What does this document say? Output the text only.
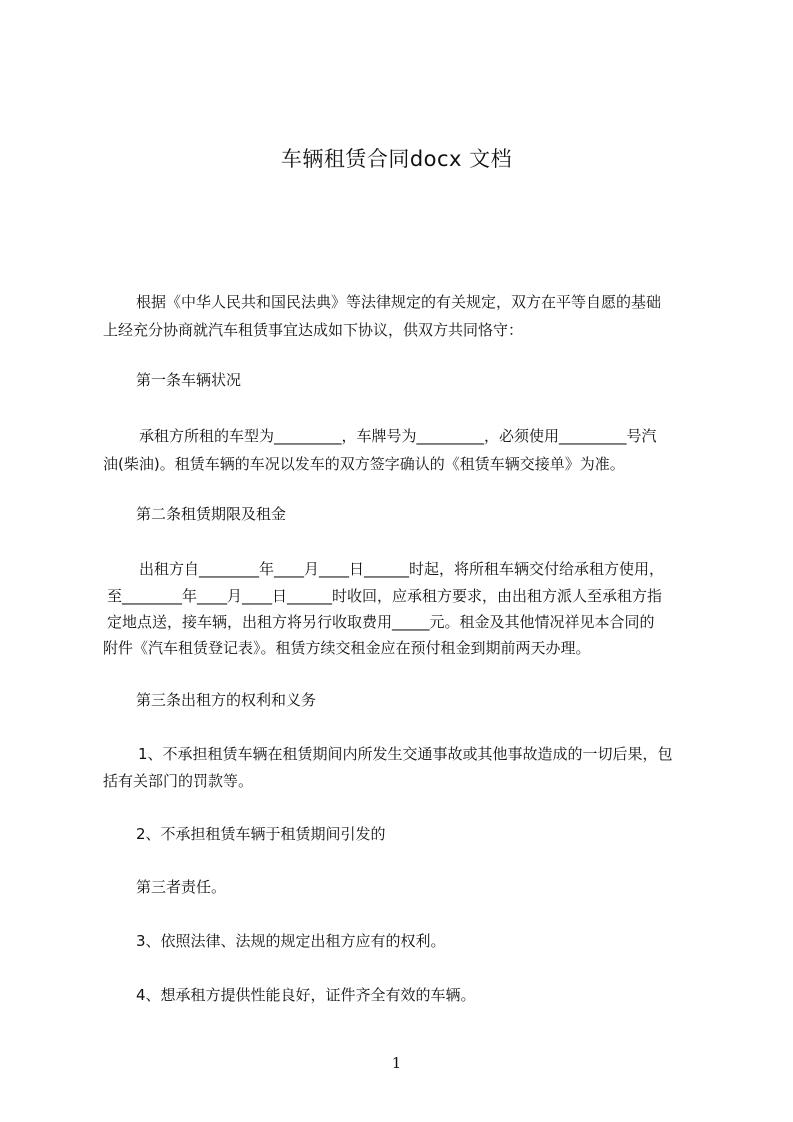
车辆租赁合同docx 文档

根据《中华人民共和国民法典》等法律规定的有关规定，双方在平等自愿的基础

上经充分协商就汽车租赁事宜达成如下协议，供双方共同恪守：

第一条车辆状况

承租方所租的车型为_________，车牌号为_________，必须使用_________号汽

油(柴油)。租赁车辆的车况以发车的双方签字确认的《租赁车辆交接单》为准。

第二条租赁期限及租金

出租方自________年____月____日______时起，将所租车辆交付给承租方使用，

至________年____月____日______时收回，应承租方要求，由出租方派人至承租方指

定地点送，接车辆，出租方将另行收取费用_____元。租金及其他情况祥见本合同的

附件《汽车租赁登记表》。租赁方续交租金应在预付租金到期前两天办理。

第三条出租方的权利和义务

1、不承担租赁车辆在租赁期间内所发生交通事故或其他事故造成的一切后果，包

括有关部门的罚款等。

2、不承担租赁车辆于租赁期间引发的

第三者责任。

3、依照法律、法规的规定出租方应有的权利。

4、想承租方提供性能良好，证件齐全有效的车辆。

1
